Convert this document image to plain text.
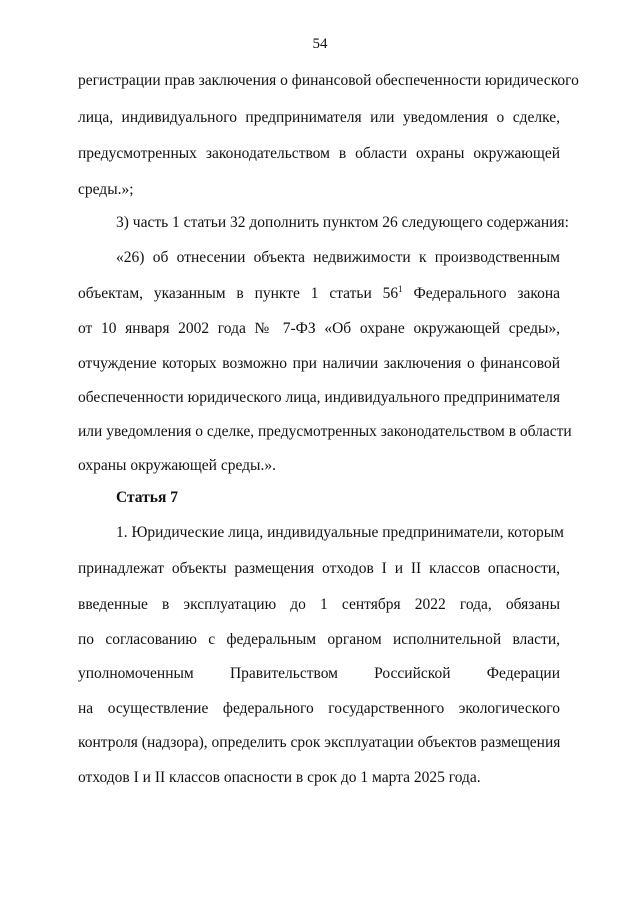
54

регистрации прав заключения о финансовой обеспеченности юридического

лица, индивидуального предпринимателя или уведомления о сделке,

предусмотренных законодательством в области охраны окружающей

среды.»;

3) часть 1 статьи 32 дополнить пунктом 26 следующего содержания:

«26) об отнесении объекта недвижимости к производственным

объектам, указанным в пункте 1 статьи $56^1$ Федерального закона

от 10 января 2002 года № 7-ФЗ «Об охране окружающей среды»,

отчуждение которых возможно при наличии заключения о финансовой

обеспеченности юридического лица, индивидуального предпринимателя

или уведомления о сделке, предусмотренных законодательством в области

охраны окружающей среды.».

Статья 7

1. Юридические лица, индивидуальные предприниматели, которым

принадлежат объекты размещения отходов I и II классов опасности,

введенные в эксплуатацию до 1 сентября 2022 года, обязаны

по согласованию с федеральным органом исполнительной власти,

уполномоченным Правительством Российской Федерации

на осуществление федерального государственного экологического

контроля (надзора), определить срок эксплуатации объектов размещения

отходов I и II классов опасности в срок до 1 марта 2025 года.
